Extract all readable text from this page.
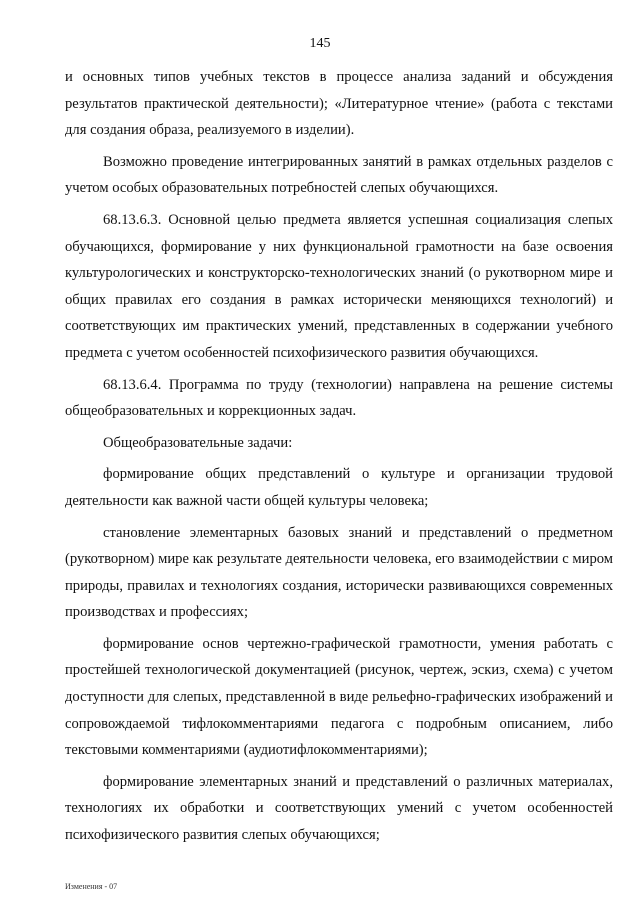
145

и основных типов учебных текстов в процессе анализа заданий и обсуждения результатов практической деятельности); «Литературное чтение» (работа с текстами для создания образа, реализуемого в изделии).

Возможно проведение интегрированных занятий в рамках отдельных разделов с учетом особых образовательных потребностей слепых обучающихся.

68.13.6.3. Основной целью предмета является успешная социализация слепых обучающихся, формирование у них функциональной грамотности на базе освоения культурологических и конструкторско-технологических знаний (о рукотворном мире и общих правилах его создания в рамках исторически меняющихся технологий) и соответствующих им практических умений, представленных в содержании учебного предмета с учетом особенностей психофизического развития обучающихся.

68.13.6.4. Программа по труду (технологии) направлена на решение системы общеобразовательных и коррекционных задач.

Общеобразовательные задачи:

формирование общих представлений о культуре и организации трудовой деятельности как важной части общей культуры человека;

становление элементарных базовых знаний и представлений о предметном (рукотворном) мире как результате деятельности человека, его взаимодействии с миром природы, правилах и технологиях создания, исторически развивающихся современных производствах и профессиях;

формирование основ чертежно-графической грамотности, умения работать с простейшей технологической документацией (рисунок, чертеж, эскиз, схема) с учетом доступности для слепых, представленной в виде рельефно-графических изображений и сопровождаемой тифлокомментариями педагога с подробным описанием, либо текстовыми комментариями (аудиотифлокомментариями);

формирование элементарных знаний и представлений о различных материалах, технологиях их обработки и соответствующих умений с учетом особенностей психофизического развития слепых обучающихся;

Изменения - 07
